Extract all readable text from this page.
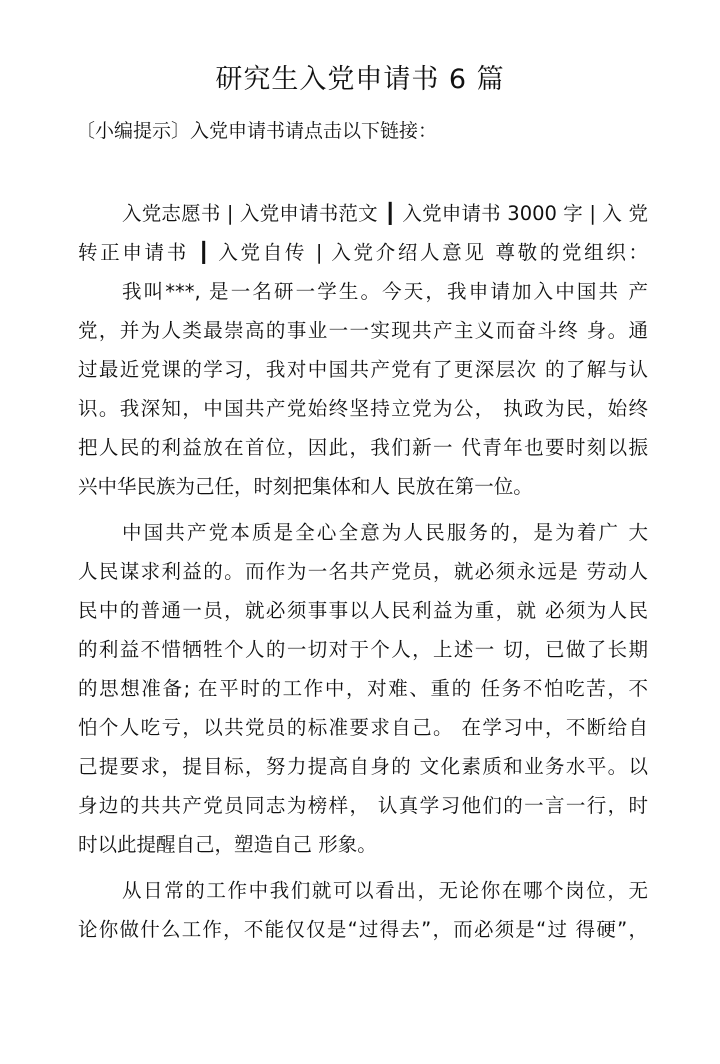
研究生入党申请书 6 篇

〔小编提示〕入党申请书请点击以下链接：

入党志愿书 | 入党申请书范文 ┃ 入党申请书 3000 字 | 入 党
转正申请书 ┃ 入党自传 | 入党介绍人意见 尊敬的党组织：
我叫***, 是一名研一学生。今天，我申请加入中国共 产
党，并为人类最崇高的事业一一实现共产主义而奋斗终 身。通
过最近党课的学习，我对中国共产党有了更深层次 的了解与认
识。我深知，中国共产党始终坚持立党为公， 执政为民，始终
把人民的利益放在首位，因此，我们新一 代青年也要时刻以振
兴中华民族为己任，时刻把集体和人 民放在第一位。
中国共产党本质是全心全意为人民服务的，是为着广 大
人民谋求利益的。而作为一名共产党员，就必须永远是 劳动人
民中的普通一员，就必须事事以人民利益为重，就 必须为人民
的利益不惜牺牲个人的一切对于个人，上述一 切，已做了长期
的思想准备; 在平时的工作中，对难、重的 任务不怕吃苦，不
怕个人吃亏，以共党员的标准要求自己。 在学习中，不断给自
己提要求，提目标，努力提高自身的 文化素质和业务水平。以
身边的共共产党员同志为榜样， 认真学习他们的一言一行，时
时以此提醒自己，塑造自己 形象。
从日常的工作中我们就可以看出，无论你在哪个岗位，无
论你做什么工作，不能仅仅是“过得去”，而必须是“过 得硬”，
